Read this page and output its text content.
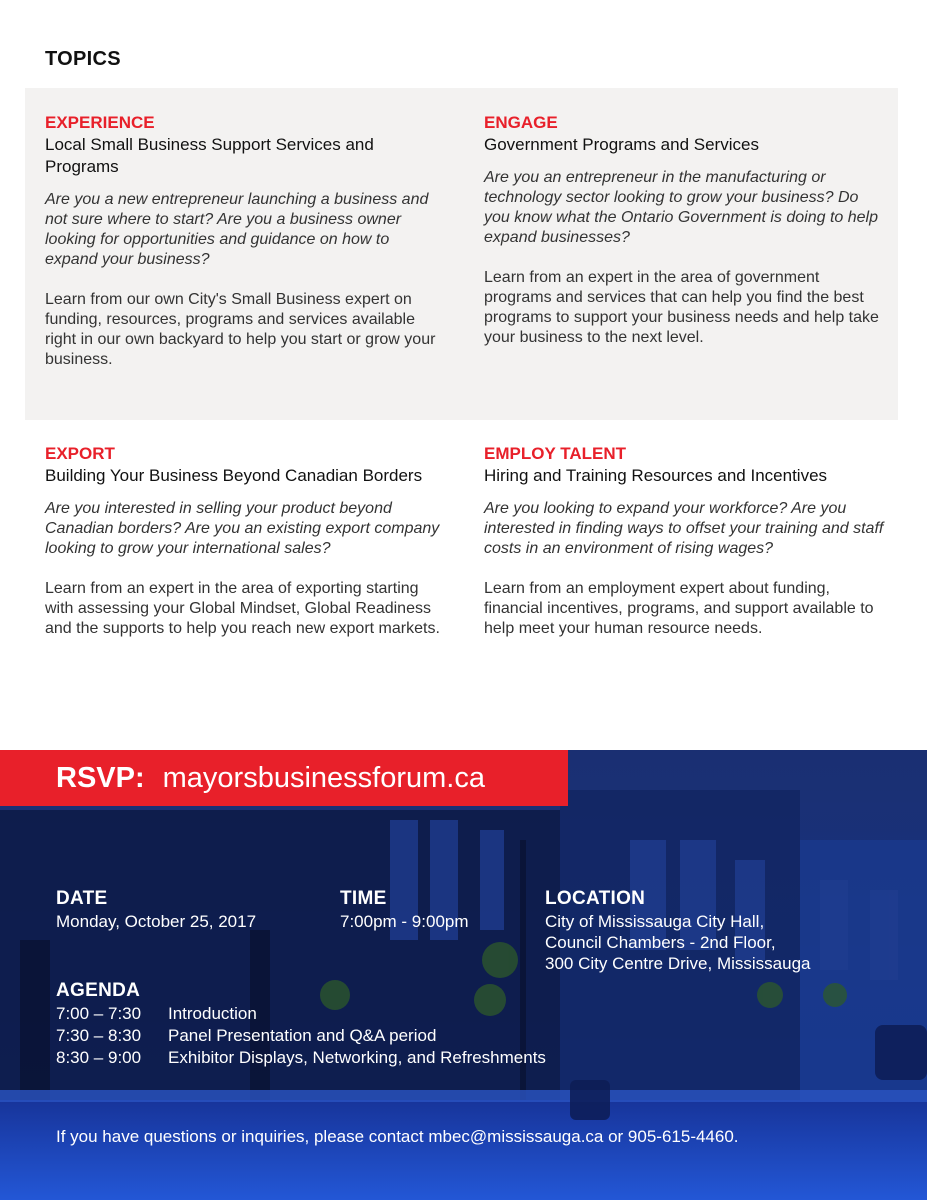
TOPICS
EXPERIENCE
Local Small Business Support Services and Programs
Are you a new entrepreneur launching a business and not sure where to start? Are you a business owner looking for opportunities and guidance on how to expand your business?
Learn from our own City's Small Business expert on funding, resources, programs and services available right in our own backyard to help you start or grow your business.
ENGAGE
Government Programs and Services
Are you an entrepreneur in the manufacturing or technology sector looking to grow your business? Do you know what the Ontario Government is doing to help expand businesses?
Learn from an expert in the area of government programs and services that can help you find the best programs to support your business needs and help take your business to the next level.
EXPORT
Building Your Business Beyond Canadian Borders
Are you interested in selling your product beyond Canadian borders? Are you an existing export company looking to grow your international sales?
Learn from an expert in the area of exporting starting with assessing your Global Mindset, Global Readiness and the supports to help you reach new export markets.
EMPLOY TALENT
Hiring and Training Resources and Incentives
Are you looking to expand your workforce? Are you interested in finding ways to offset your training and staff costs in an environment of rising wages?
Learn from an employment expert about funding, financial incentives, programs, and support available to help meet your human resource needs.
RSVP: mayorsbusinessforum.ca
DATE
Monday, October 25, 2017
TIME
7:00pm - 9:00pm
LOCATION
City of Mississauga City Hall,
Council Chambers - 2nd Floor,
300 City Centre Drive, Mississauga
AGENDA
7:00 – 7:30 Introduction
7:30 – 8:30 Panel Presentation and Q&A period
8:30 – 9:00 Exhibitor Displays, Networking, and Refreshments
If you have questions or inquiries, please contact mbec@mississauga.ca or 905-615-4460.
